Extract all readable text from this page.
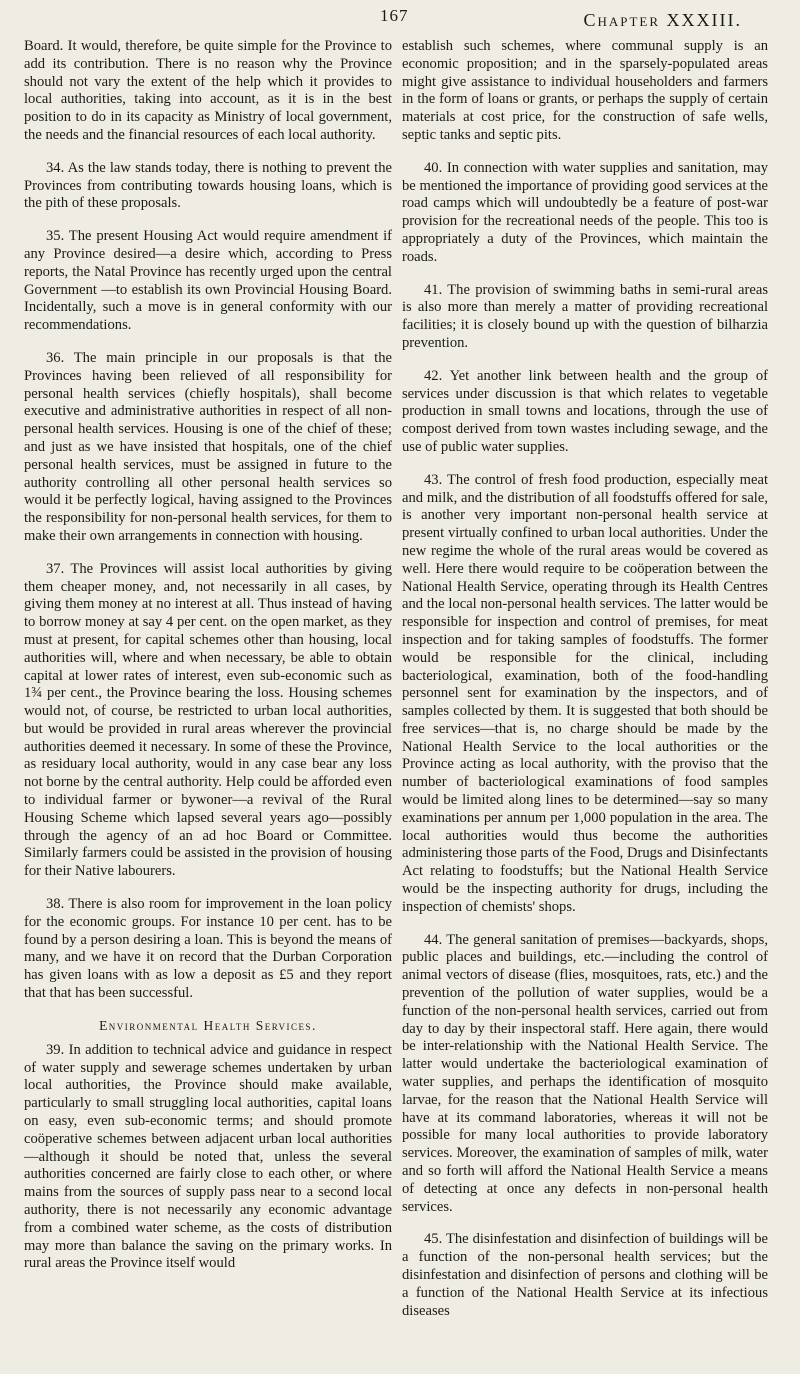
167	Chapter XXXIII.

Board. It would, therefore, be quite simple for the Province to add its contribution. There is no reason why the Province should not vary the extent of the help which it provides to local authorities, taking into account, as it is in the best position to do in its capacity as Ministry of local government, the needs and the financial resources of each local authority.

34. As the law stands today, there is nothing to prevent the Provinces from contributing towards housing loans, which is the pith of these proposals.

35. The present Housing Act would require amendment if any Province desired—a desire which, according to Press reports, the Natal Province has recently urged upon the central Government —to establish its own Provincial Housing Board. Incidentally, such a move is in general conformity with our recommendations.

36. The main principle in our proposals is that the Provinces having been relieved of all responsibility for personal health services (chiefly hospitals), shall become executive and administrative authorities in respect of all non-personal health services. Housing is one of the chief of these; and just as we have insisted that hospitals, one of the chief personal health services, must be assigned in future to the authority controlling all other personal health services so would it be perfectly logical, having assigned to the Provinces the responsibility for non-personal health services, for them to make their own arrangements in connection with housing.

37. The Provinces will assist local authorities by giving them cheaper money, and, not necessarily in all cases, by giving them money at no interest at all. Thus instead of having to borrow money at say 4 per cent. on the open market, as they must at present, for capital schemes other than housing, local authorities will, where and when necessary, be able to obtain capital at lower rates of interest, even sub-economic such as 1¾ per cent., the Province bearing the loss. Housing schemes would not, of course, be restricted to urban local authorities, but would be provided in rural areas wherever the provincial authorities deemed it necessary. In some of these the Province, as residuary local authority, would in any case bear any loss not borne by the central authority. Help could be afforded even to individual farmer or bywoner—a revival of the Rural Housing Scheme which lapsed several years ago—possibly through the agency of an ad hoc Board or Committee. Similarly farmers could be assisted in the provision of housing for their Native labourers.

38. There is also room for improvement in the loan policy for the economic groups. For instance 10 per cent. has to be found by a person desiring a loan. This is beyond the means of many, and we have it on record that the Durban Corporation has given loans with as low a deposit as £5 and they report that that has been successful.

Environmental Health Services.

39. In addition to technical advice and guidance in respect of water supply and sewerage schemes undertaken by urban local authorities, the Province should make available, particularly to small struggling local authorities, capital loans on easy, even sub-economic terms; and should promote coöperative schemes between adjacent urban local authorities—although it should be noted that, unless the several authorities concerned are fairly close to each other, or where mains from the sources of supply pass near to a second local authority, there is not necessarily any economic advantage from a combined water scheme, as the costs of distribution may more than balance the saving on the primary works. In rural areas the Province itself would

establish such schemes, where communal supply is an economic proposition; and in the sparsely-populated areas might give assistance to individual householders and farmers in the form of loans or grants, or perhaps the supply of certain materials at cost price, for the construction of safe wells, septic tanks and septic pits.

40. In connection with water supplies and sanitation, may be mentioned the importance of providing good services at the road camps which will undoubtedly be a feature of post-war provision for the recreational needs of the people. This too is appropriately a duty of the Provinces, which maintain the roads.

41. The provision of swimming baths in semi-rural areas is also more than merely a matter of providing recreational facilities; it is closely bound up with the question of bilharzia prevention.

42. Yet another link between health and the group of services under discussion is that which relates to vegetable production in small towns and locations, through the use of compost derived from town wastes including sewage, and the use of public water supplies.

43. The control of fresh food production, especially meat and milk, and the distribution of all foodstuffs offered for sale, is another very important non-personal health service at present virtually confined to urban local authorities. Under the new regime the whole of the rural areas would be covered as well. Here there would require to be coöperation between the National Health Service, operating through its Health Centres and the local non-personal health services. The latter would be responsible for inspection and control of premises, for meat inspection and for taking samples of foodstuffs. The former would be responsible for the clinical, including bacteriological, examination, both of the food-handling personnel sent for examination by the inspectors, and of samples collected by them. It is suggested that both should be free services—that is, no charge should be made by the National Health Service to the local authorities or the Province acting as local authority, with the proviso that the number of bacteriological examinations of food samples would be limited along lines to be determined—say so many examinations per annum per 1,000 population in the area. The local authorities would thus become the authorities administering those parts of the Food, Drugs and Disinfectants Act relating to foodstuffs; but the National Health Service would be the inspecting authority for drugs, including the inspection of chemists' shops.

44. The general sanitation of premises—backyards, shops, public places and buildings, etc.—including the control of animal vectors of disease (flies, mosquitoes, rats, etc.) and the prevention of the pollution of water supplies, would be a function of the non-personal health services, carried out from day to day by their inspectoral staff. Here again, there would be inter-relationship with the National Health Service. The latter would undertake the bacteriological examination of water supplies, and perhaps the identification of mosquito larvae, for the reason that the National Health Service will have at its command laboratories, whereas it will not be possible for many local authorities to provide laboratory services. Moreover, the examination of samples of milk, water and so forth will afford the National Health Service a means of detecting at once any defects in non-personal health services.

45. The disinfestation and disinfection of buildings will be a function of the non-personal health services; but the disinfestation and disinfection of persons and clothing will be a function of the National Health Service at its infectious diseases
